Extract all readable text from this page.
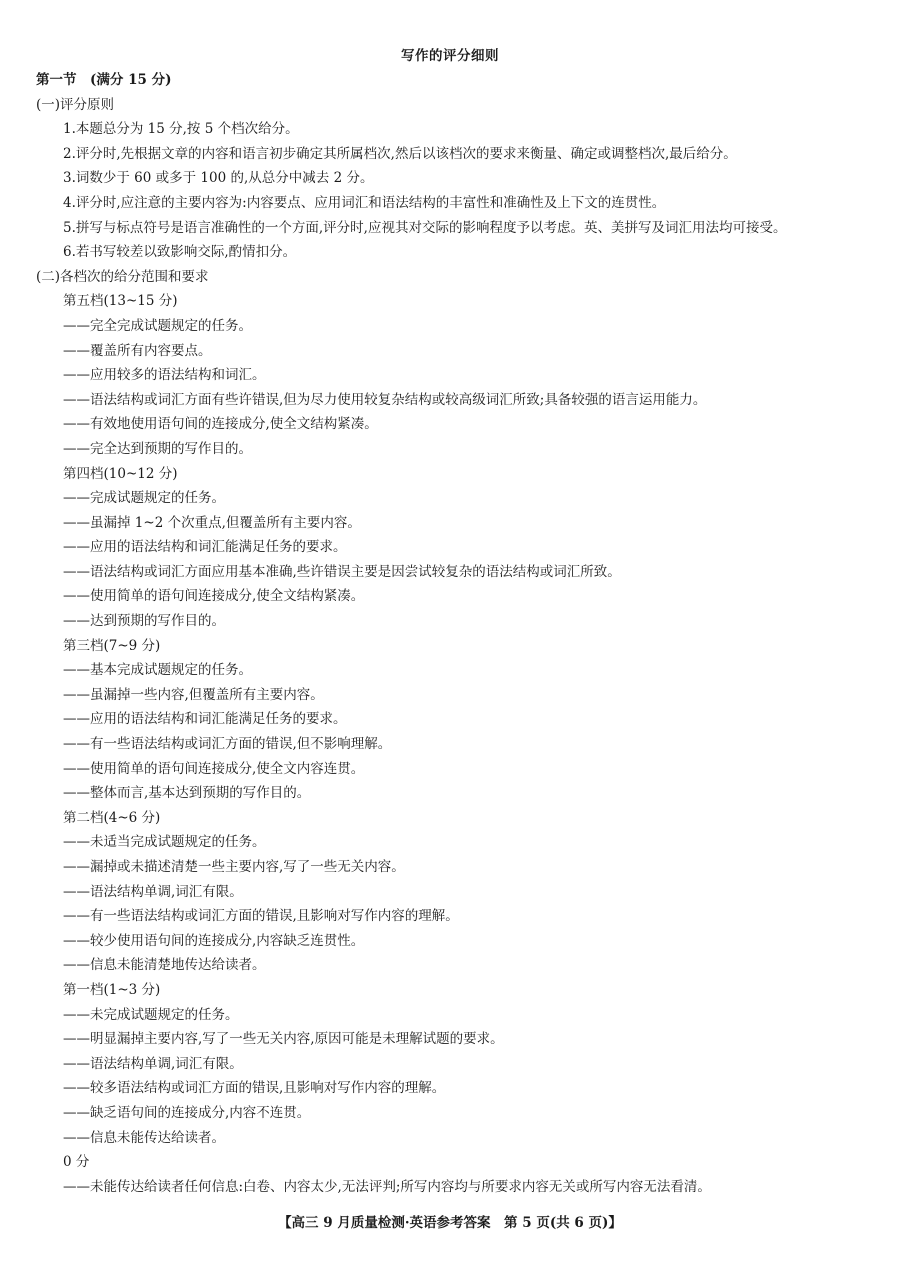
写作的评分细则
第一节　(满分 15 分)
(一)评分原则
1.本题总分为 15 分,按 5 个档次给分。
2.评分时,先根据文章的内容和语言初步确定其所属档次,然后以该档次的要求来衡量、确定或调整档次,最后给分。
3.词数少于 60 或多于 100 的,从总分中减去 2 分。
4.评分时,应注意的主要内容为:内容要点、应用词汇和语法结构的丰富性和准确性及上下文的连贯性。
5.拼写与标点符号是语言准确性的一个方面,评分时,应视其对交际的影响程度予以考虑。英、美拼写及词汇用法均可接受。
6.若书写较差以致影响交际,酌情扣分。
(二)各档次的给分范围和要求
第五档(13~15 分)
——完全完成试题规定的任务。
——覆盖所有内容要点。
——应用较多的语法结构和词汇。
——语法结构或词汇方面有些许错误,但为尽力使用较复杂结构或较高级词汇所致;具备较强的语言运用能力。
——有效地使用语句间的连接成分,使全文结构紧凑。
——完全达到预期的写作目的。
第四档(10~12 分)
——完成试题规定的任务。
——虽漏掉 1~2 个次重点,但覆盖所有主要内容。
——应用的语法结构和词汇能满足任务的要求。
——语法结构或词汇方面应用基本准确,些许错误主要是因尝试较复杂的语法结构或词汇所致。
——使用简单的语句间连接成分,使全文结构紧凑。
——达到预期的写作目的。
第三档(7~9 分)
——基本完成试题规定的任务。
——虽漏掉一些内容,但覆盖所有主要内容。
——应用的语法结构和词汇能满足任务的要求。
——有一些语法结构或词汇方面的错误,但不影响理解。
——使用简单的语句间连接成分,使全文内容连贯。
——整体而言,基本达到预期的写作目的。
第二档(4~6 分)
——未适当完成试题规定的任务。
——漏掉或未描述清楚一些主要内容,写了一些无关内容。
——语法结构单调,词汇有限。
——有一些语法结构或词汇方面的错误,且影响对写作内容的理解。
——较少使用语句间的连接成分,内容缺乏连贯性。
——信息未能清楚地传达给读者。
第一档(1~3 分)
——未完成试题规定的任务。
——明显漏掉主要内容,写了一些无关内容,原因可能是未理解试题的要求。
——语法结构单调,词汇有限。
——较多语法结构或词汇方面的错误,且影响对写作内容的理解。
——缺乏语句间的连接成分,内容不连贯。
——信息未能传达给读者。
0 分
——未能传达给读者任何信息:白卷、内容太少,无法评判;所写内容均与所要求内容无关或所写内容无法看清。
【高三 9 月质量检测·英语参考答案　第 5 页(共 6 页)】
